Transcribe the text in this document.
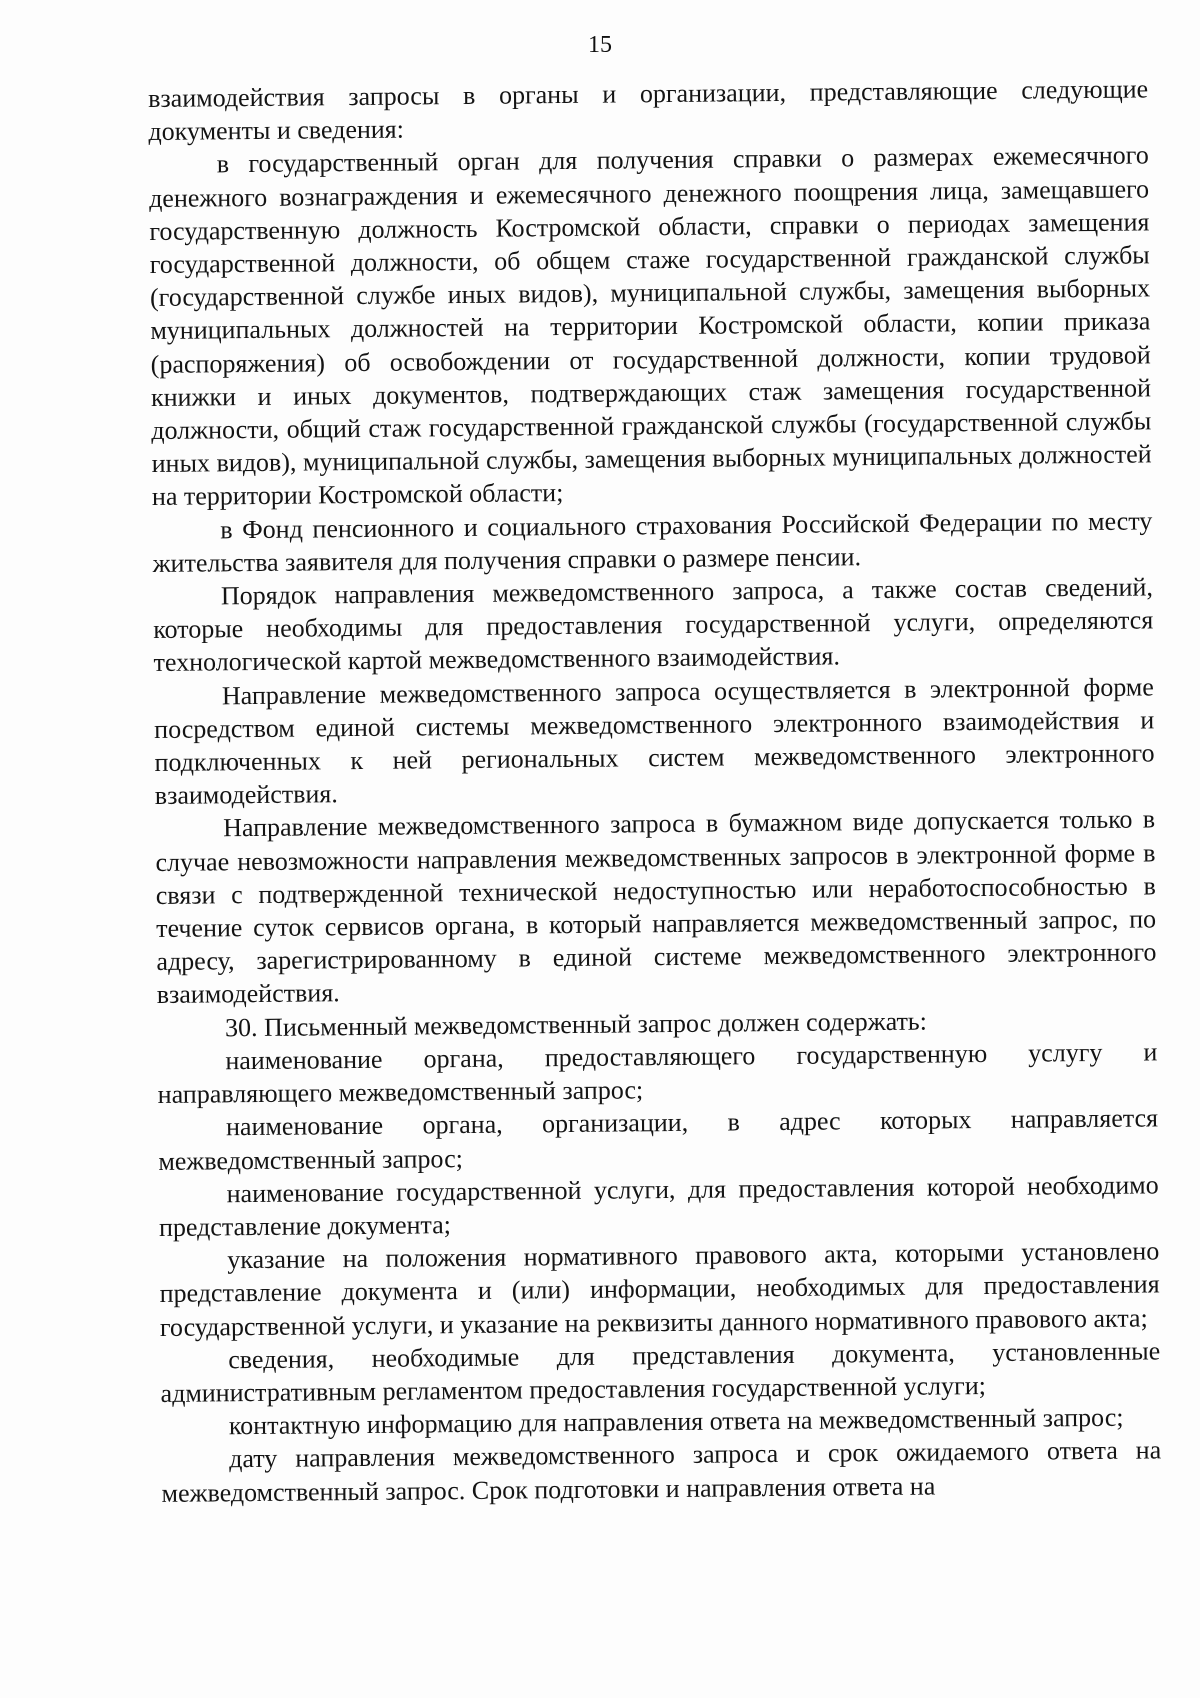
15

взаимодействия запросы в органы и организации, представляющие следующие документы и сведения:

в государственный орган для получения справки о размерах ежемесячного денежного вознаграждения и ежемесячного денежного поощрения лица, замещавшего государственную должность Костромской области, справки о периодах замещения государственной должности, об общем стаже государственной гражданской службы (государственной службе иных видов), муниципальной службы, замещения выборных муниципальных должностей на территории Костромской области, копии приказа (распоряжения) об освобождении от государственной должности, копии трудовой книжки и иных документов, подтверждающих стаж замещения государственной должности, общий стаж государственной гражданской службы (государственной службы иных видов), муниципальной службы, замещения выборных муниципальных должностей на территории Костромской области;

в Фонд пенсионного и социального страхования Российской Федерации по месту жительства заявителя для получения справки о размере пенсии.

Порядок направления межведомственного запроса, а также состав сведений, которые необходимы для предоставления государственной услуги, определяются технологической картой межведомственного взаимодействия.

Направление межведомственного запроса осуществляется в электронной форме посредством единой системы межведомственного электронного взаимодействия и подключенных к ней региональных систем межведомственного электронного взаимодействия.

Направление межведомственного запроса в бумажном виде допускается только в случае невозможности направления межведомственных запросов в электронной форме в связи с подтвержденной технической недоступностью или неработоспособностью в течение суток сервисов органа, в который направляется межведомственный запрос, по адресу, зарегистрированному в единой системе межведомственного электронного взаимодействия.

30. Письменный межведомственный запрос должен содержать:

наименование органа, предоставляющего государственную услугу и направляющего межведомственный запрос;

наименование органа, организации, в адрес которых направляется межведомственный запрос;

наименование государственной услуги, для предоставления которой необходимо представление документа;

указание на положения нормативного правового акта, которыми установлено представление документа и (или) информации, необходимых для предоставления государственной услуги, и указание на реквизиты данного нормативного правового акта;

сведения, необходимые для представления документа, установленные административным регламентом предоставления государственной услуги;

контактную информацию для направления ответа на межведомственный запрос;

дату направления межведомственного запроса и срок ожидаемого ответа на межведомственный запрос. Срок подготовки и направления ответа на
